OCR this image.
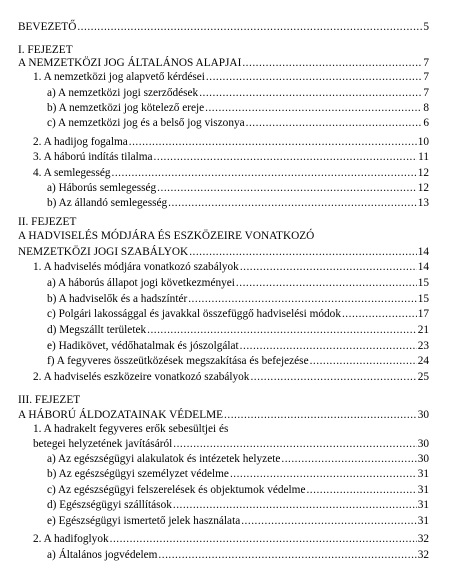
BEVEZETŐ .....	5
I. FEJEZET
A NEMZETKÖZI JOG ÁLTALÁNOS ALAPJAI .....	7
1. A nemzetközi jog alapvető kérdései .....	7
a) A nemzetközi jogi szerződések .....	7
b) A nemzetközi jog kötelező ereje .....	8
c) A nemzetközi jog és a belső jog viszonya .....	6
2. A hadijog fogalma .....	10
3. A háború indítás tilalma .....	11
4. A semlegesség .....	12
a) Háborús semlegesség .....	12
b) Az állandó semlegesség .....	13
II. FEJEZET
A HADVISELÉS MÓDJÁRA ÉS ESZKÖZEIRE VONATKOZÓ
NEMZETKÖZI JOGI SZABÁLYOK .....	14
1. A hadviselés módjára vonatkozó szabályok .....	14
a) A háborús állapot jogi következményei .....	15
b) A hadviselők és a hadszíntér .....	15
c) Polgári lakossággal és javakkal összefüggő hadviselési módok .....	17
d) Megszállt területek .....	21
e) Hadikövet, védőhatalmak és jószolgálat .....	23
f) A fegyveres összeütközések megszakítása és befejezése .....	24
2. A hadviselés eszközeire vonatkozó szabályok .....	25
III. FEJEZET
A HÁBORÚ ÁLDOZATAINAK VÉDELME .....	30
1. A hadrakelt fegyveres erők sebesültjei és
betegei helyzetének javításáról .....	30
a) Az egészségügyi alakulatok és intézetek helyzete .....	30
b) Az egészségügyi személyzet védelme .....	31
c) Az egészségügyi felszerelések és objektumok védelme .....	31
d) Egészségügyi szállítások .....	31
e) Egészségügyi ismertető jelek használata .....	31
2. A hadifoglyok .....	32
a) Általános jogvédelem .....	32
